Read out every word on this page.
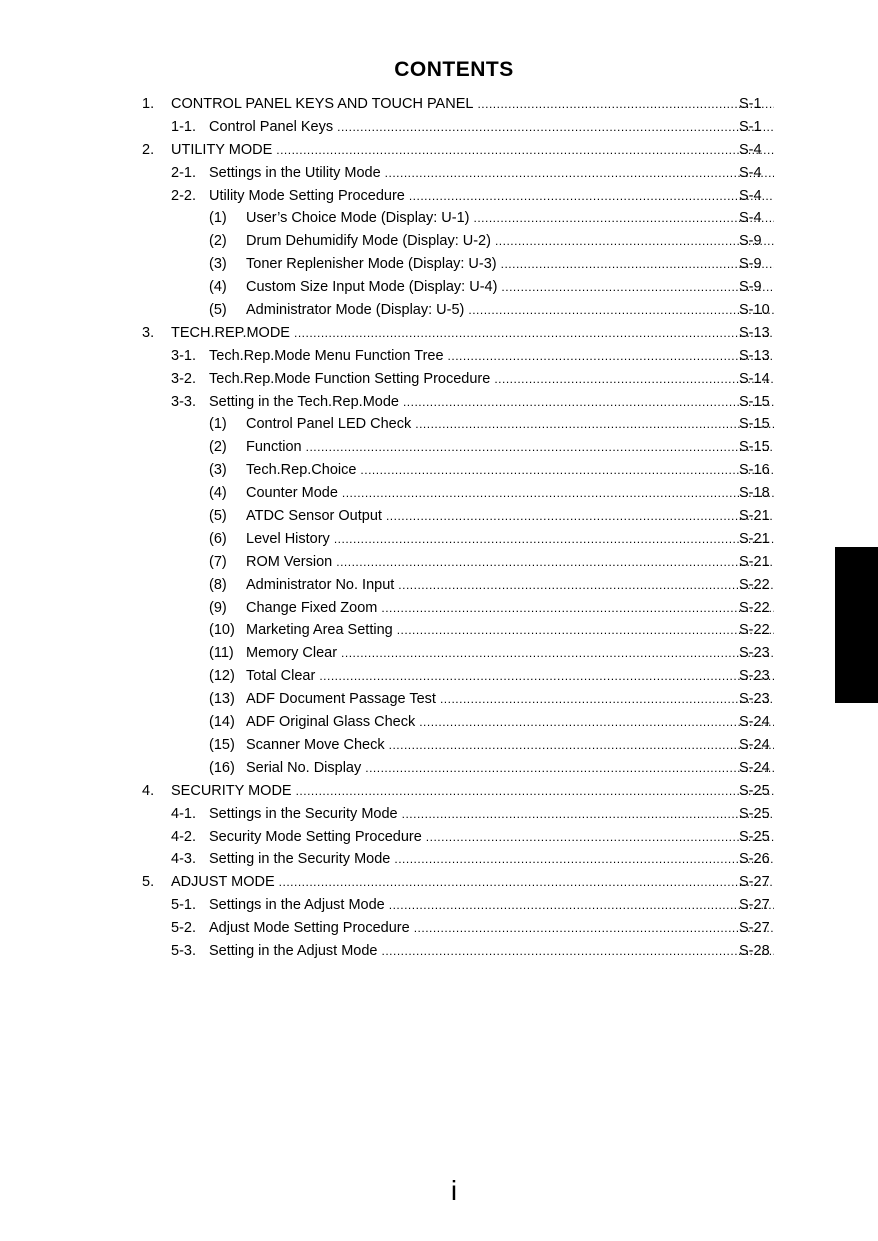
CONTENTS
1. CONTROL PANEL KEYS AND TOUCH PANEL .....	S-1
1-1. Control Panel Keys .....	S-1
2. UTILITY MODE .....	S-4
2-1. Settings in the Utility Mode .....	S-4
2-2. Utility Mode Setting Procedure .....	S-4
(1) User’s Choice Mode (Display: U-1) .....	S-4
(2) Drum Dehumidify Mode (Display: U-2) .....	S-9
(3) Toner Replenisher Mode (Display: U-3) .....	S-9
(4) Custom Size Input Mode (Display: U-4) .....	S-9
(5) Administrator Mode (Display: U-5) .....	S-10
3. TECH.REP.MODE .....	S-13
3-1. Tech.Rep.Mode Menu Function Tree .....	S-13
3-2. Tech.Rep.Mode Function Setting Procedure .....	S-14
3-3. Setting in the Tech.Rep.Mode .....	S-15
(1) Control Panel LED Check .....	S-15
(2) Function .....	S-15
(3) Tech.Rep.Choice .....	S-16
(4) Counter Mode .....	S-18
(5) ATDC Sensor Output .....	S-21
(6) Level History .....	S-21
(7) ROM Version .....	S-21
(8) Administrator No. Input .....	S-22
(9) Change Fixed Zoom .....	S-22
(10) Marketing Area Setting .....	S-22
(11) Memory Clear .....	S-23
(12) Total Clear .....	S-23
(13) ADF Document Passage Test .....	S-23
(14) ADF Original Glass Check .....	S-24
(15) Scanner Move Check .....	S-24
(16) Serial No. Display .....	S-24
4. SECURITY MODE .....	S-25
4-1. Settings in the Security Mode .....	S-25
4-2. Security Mode Setting Procedure .....	S-25
4-3. Setting in the Security Mode .....	S-26
5. ADJUST MODE .....	S-27
5-1. Settings in the Adjust Mode .....	S-27
5-2. Adjust Mode Setting Procedure .....	S-27
5-3. Setting in the Adjust Mode .....	S-28
i
